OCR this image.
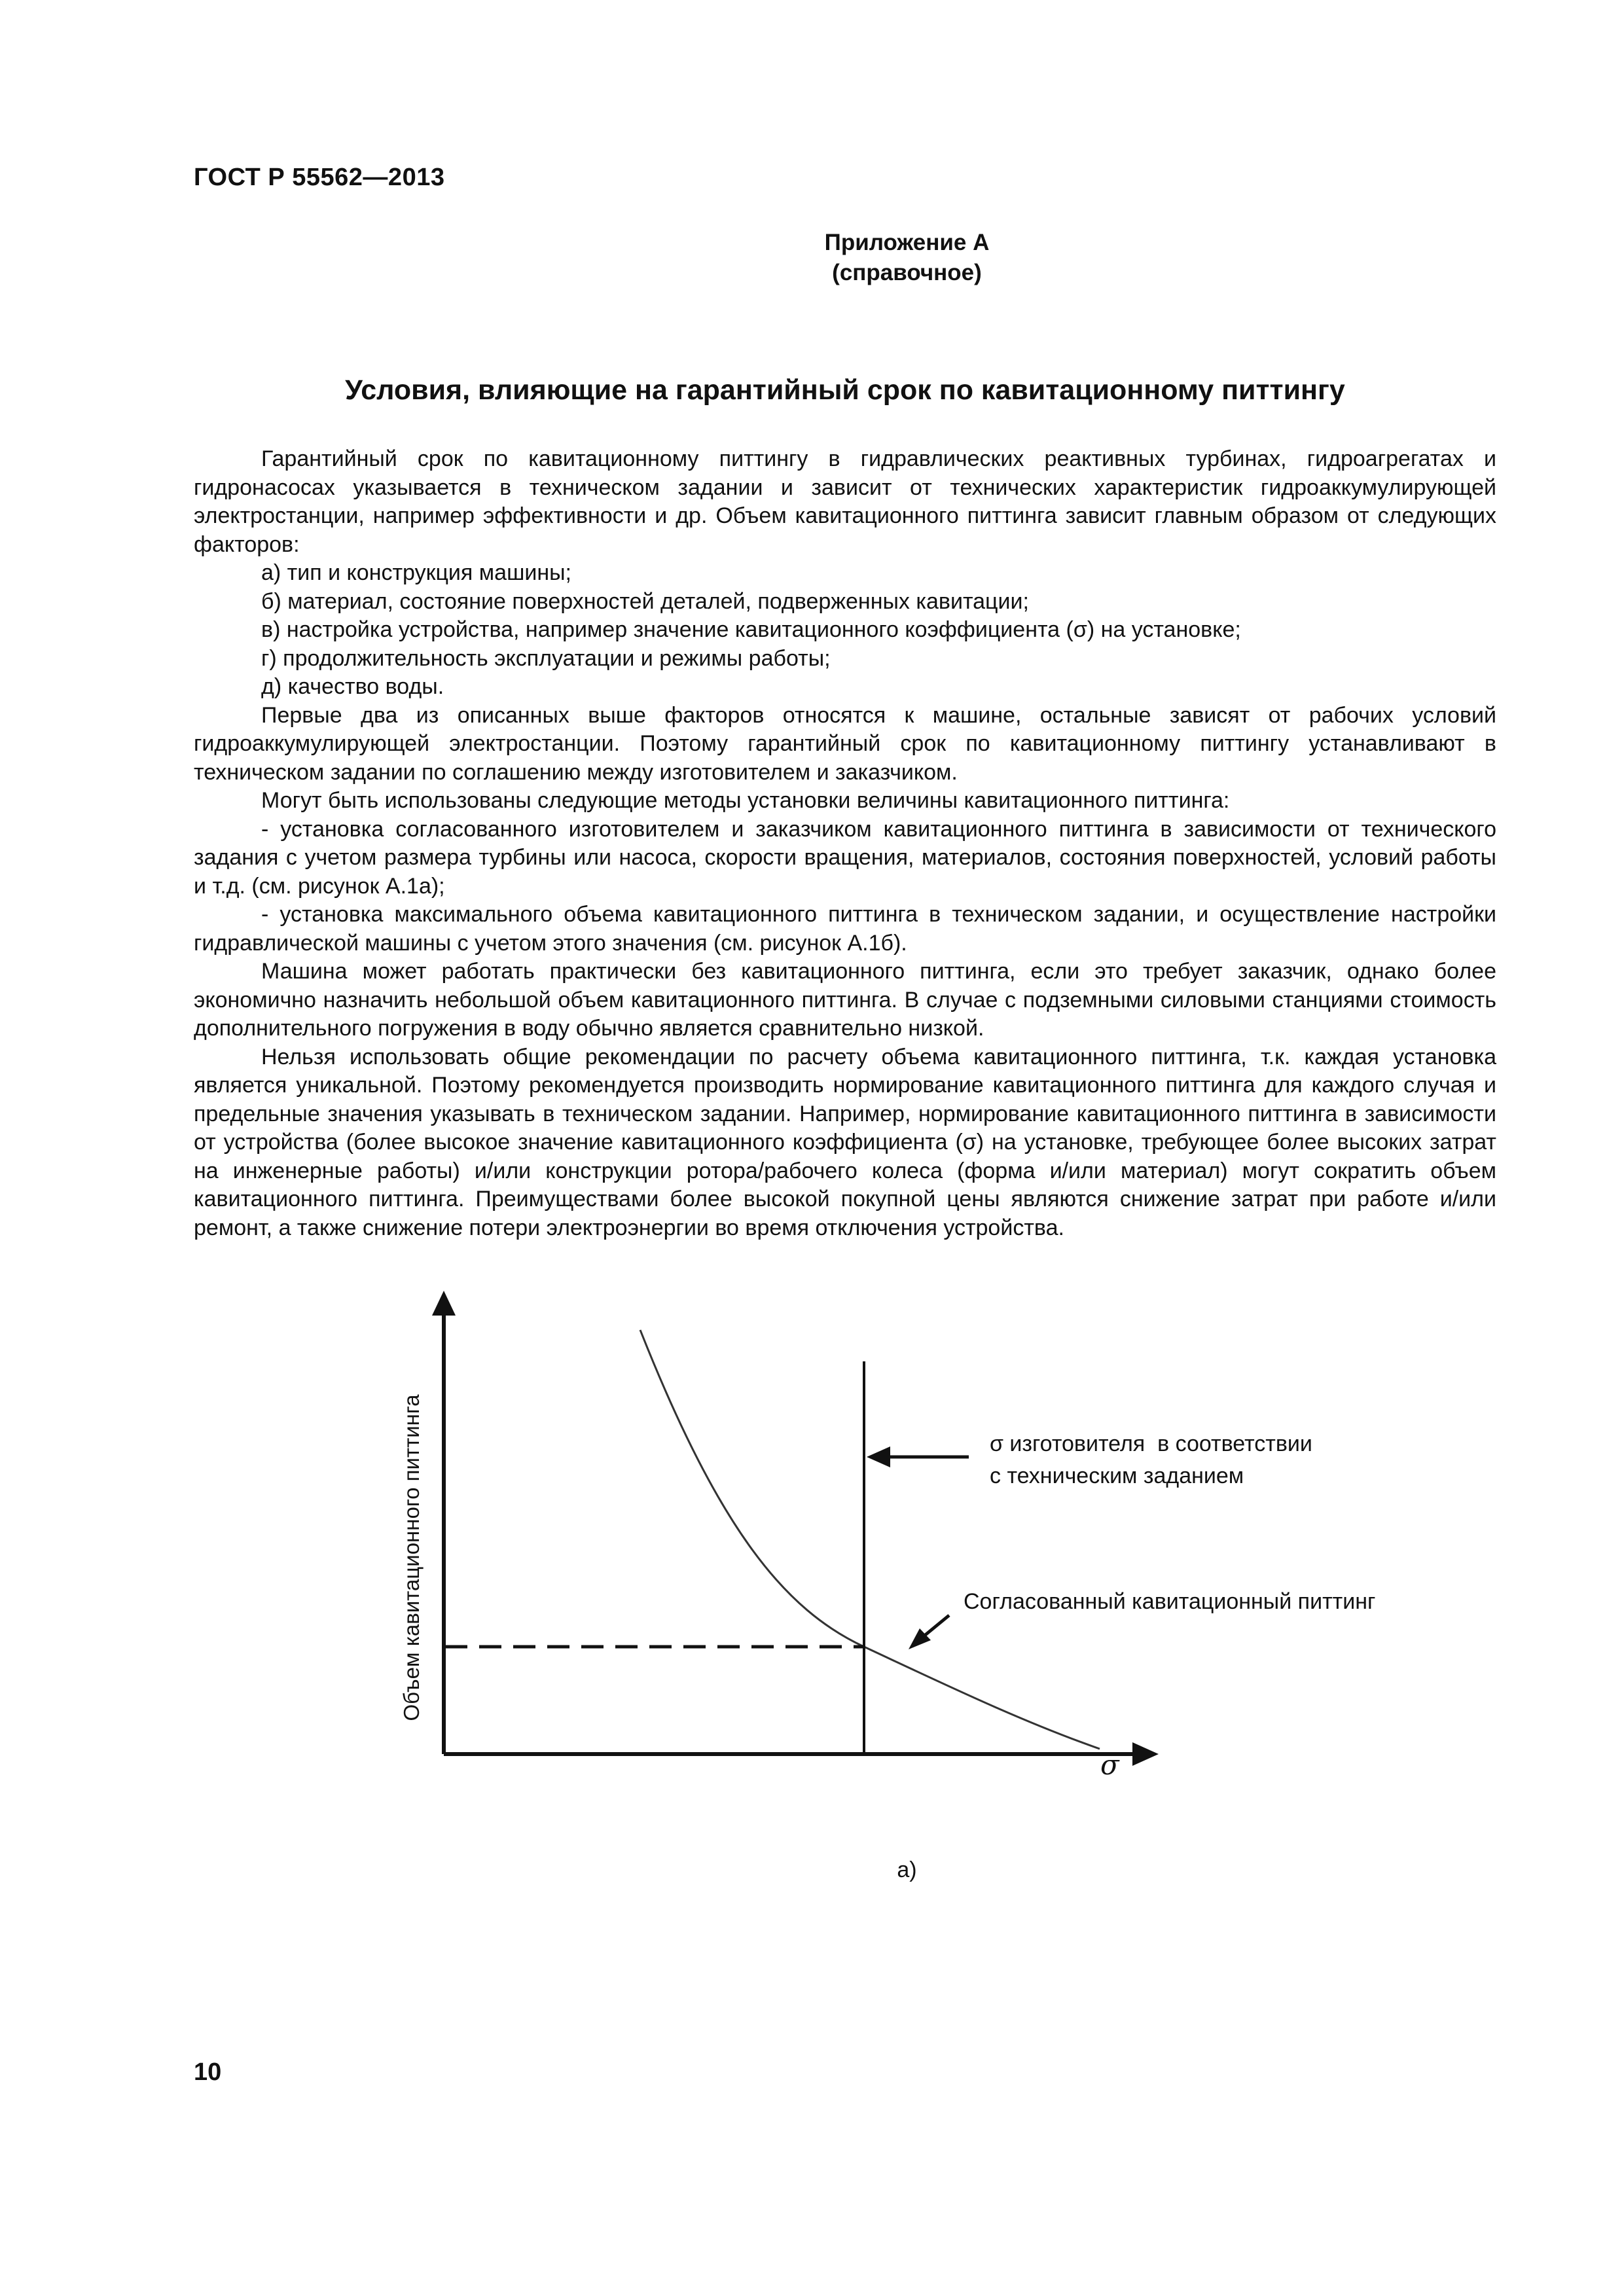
ГОСТ Р 55562—2013
Приложение А
(справочное)
Условия, влияющие на гарантийный срок по кавитационному питтингу

Гарантийный срок по кавитационному питтингу в гидравлических реактивных турбинах, гидроагрегатах и гидронасосах указывается в техническом задании и зависит от технических характеристик гидроаккумулирующей электростанции, например эффективности и др. Объем кавитационного питтинга зависит главным образом от следующих факторов:

а) тип и конструкция машины;

б) материал, состояние поверхностей деталей, подверженных кавитации;

в) настройка устройства, например значение кавитационного коэффициента (σ) на установке;

г) продолжительность эксплуатации и режимы работы;

д) качество воды.

Первые два из описанных выше факторов относятся к машине, остальные зависят от рабочих условий гидроаккумулирующей электростанции. Поэтому гарантийный срок по кавитационному питтингу устанавливают в техническом задании по соглашению между изготовителем и заказчиком.

Могут быть использованы следующие методы установки величины кавитационного питтинга:

- установка согласованного изготовителем и заказчиком кавитационного питтинга в зависимости от технического задания с учетом размера турбины или насоса, скорости вращения, материалов, состояния поверхностей, условий работы и т.д. (см. рисунок А.1а);

- установка максимального объема кавитационного питтинга в техническом задании, и осуществление настройки гидравлической машины с учетом этого значения (см. рисунок А.1б).

Машина может работать практически без кавитационного питтинга, если это требует заказчик, однако более экономично назначить небольшой объем кавитационного питтинга. В случае с подземными силовыми станциями стоимость дополнительного погружения в воду обычно является сравнительно низкой.

Нельзя использовать общие рекомендации по расчету объема кавитационного питтинга, т.к. каждая установка является уникальной. Поэтому рекомендуется производить нормирование кавитационного питтинга для каждого случая и предельные значения указывать в техническом задании. Например, нормирование кавитационного питтинга в зависимости от устройства (более высокое значение кавитационного коэффициента (σ) на установке, требующее более высоких затрат на инженерные работы) и/или конструкции ротора/рабочего колеса (форма и/или материал) могут сократить объем кавитационного питтинга. Преимуществами более высокой покупной цены являются снижение затрат при работе и/или ремонт, а также снижение потери электроэнергии во время отключения устройства.

Объем кавитационного питтинга	σ изготовителя  в соответствии
с техническим заданием
Согласованный кавитационный питтинг
σ
а)
10
